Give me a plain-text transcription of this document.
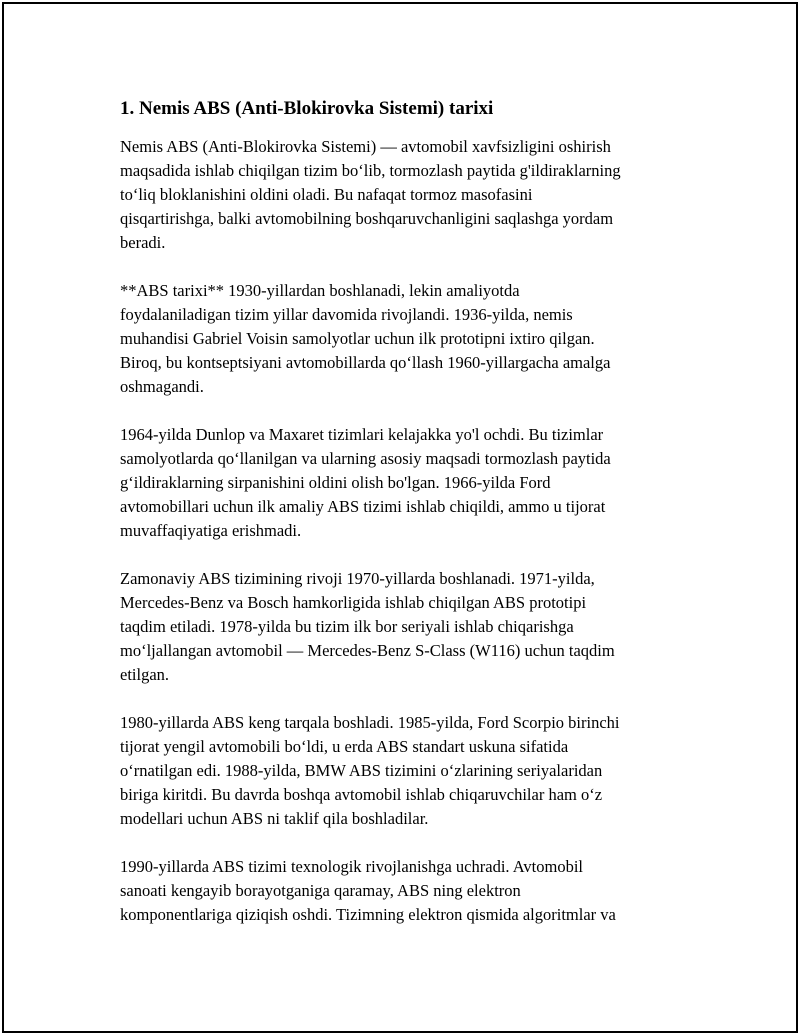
1. Nemis ABS (Anti-Blokirovka Sistemi) tarixi

Nemis ABS (Anti-Blokirovka Sistemi) — avtomobil xavfsizligini oshirish
maqsadida ishlab chiqilgan tizim bo‘lib, tormozlash paytida g'ildiraklarning
to‘liq bloklanishini oldini oladi. Bu nafaqat tormoz masofasini
qisqartirishga, balki avtomobilning boshqaruvchanligini saqlashga yordam
beradi.

**ABS tarixi** 1930-yillardan boshlanadi, lekin amaliyotda
foydalaniladigan tizim yillar davomida rivojlandi. 1936-yilda, nemis
muhandisi Gabriel Voisin samolyotlar uchun ilk prototipni ixtiro qilgan.
Biroq, bu kontseptsiyani avtomobillarda qo‘llash 1960-yillargacha amalga
oshmagandi.

1964-yilda Dunlop va Maxaret tizimlari kelajakka yo'l ochdi. Bu tizimlar
samolyotlarda qo‘llanilgan va ularning asosiy maqsadi tormozlash paytida
g‘ildiraklarning sirpanishini oldini olish bo'lgan. 1966-yilda Ford
avtomobillari uchun ilk amaliy ABS tizimi ishlab chiqildi, ammo u tijorat
muvaffaqiyatiga erishmadi.

Zamonaviy ABS tizimining rivoji 1970-yillarda boshlanadi. 1971-yilda,
Mercedes-Benz va Bosch hamkorligida ishlab chiqilgan ABS prototipi
taqdim etiladi. 1978-yilda bu tizim ilk bor seriyali ishlab chiqarishga
mo‘ljallangan avtomobil — Mercedes-Benz S-Class (W116) uchun taqdim
etilgan.

1980-yillarda ABS keng tarqala boshladi. 1985-yilda, Ford Scorpio birinchi
tijorat yengil avtomobili bo‘ldi, u erda ABS standart uskuna sifatida
o‘rnatilgan edi. 1988-yilda, BMW ABS tizimini o‘zlarining seriyalaridan
biriga kiritdi. Bu davrda boshqa avtomobil ishlab chiqaruvchilar ham o‘z
modellari uchun ABS ni taklif qila boshladilar.

1990-yillarda ABS tizimi texnologik rivojlanishga uchradi. Avtomobil
sanoati kengayib borayotganiga qaramay, ABS ning elektron
komponentlariga qiziqish oshdi. Tizimning elektron qismida algoritmlar va
